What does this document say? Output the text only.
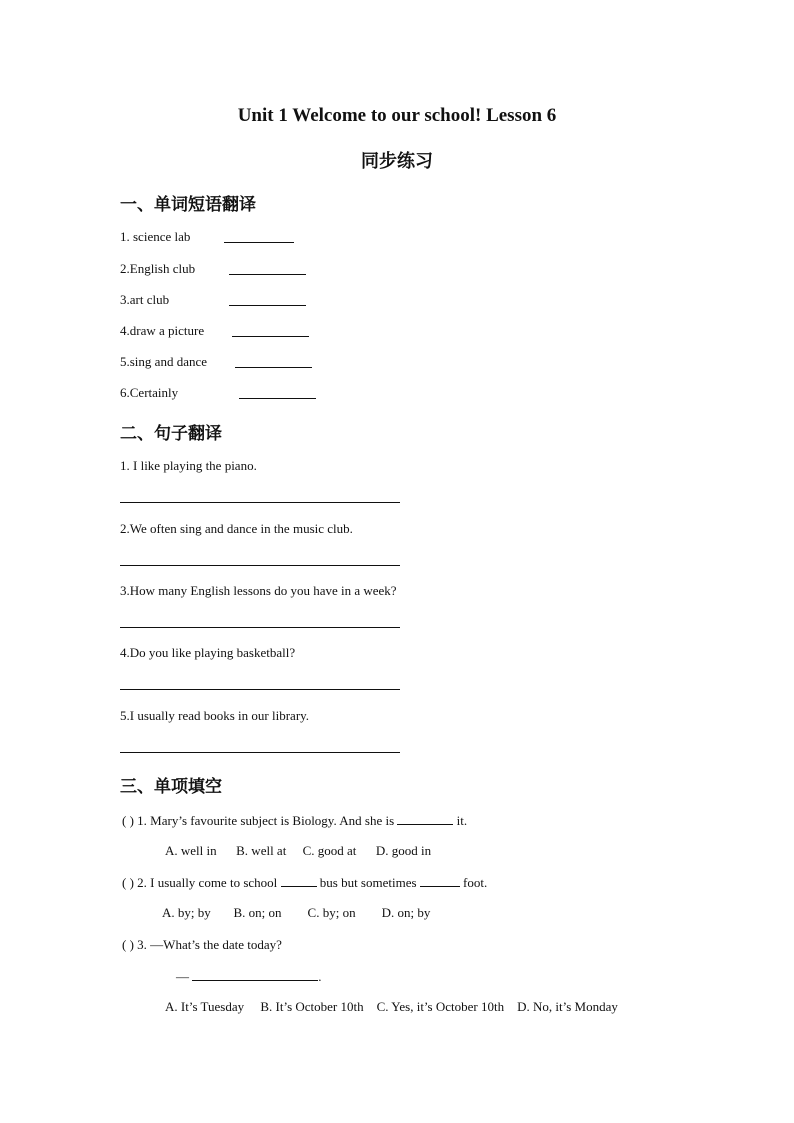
Unit 1 Welcome to our school! Lesson 6
同步练习
一、单词短语翻译
1. science lab
2.English club
3.art club
4.draw a picture
5.sing and dance
6.Certainly
二、句子翻译
1. I like playing the piano.
2.We often sing and dance in the music club.
3.How many English lessons do you have in a week?
4.Do you like playing basketball?
5.I usually read books in our library.
三、单项填空
( ) 1. Mary’s favourite subject is Biology. And she is	it.
A. well in      B. well at     C. good at      D. good in
( ) 2. I usually come to school	bus but sometimes	foot.
A. by; by       B. on; on        C. by; on        D. on; by
( ) 3. —What’s the date today?
—	.
A. It’s Tuesday     B. It’s October 10th    C. Yes, it’s October 10th    D. No, it’s Monday
